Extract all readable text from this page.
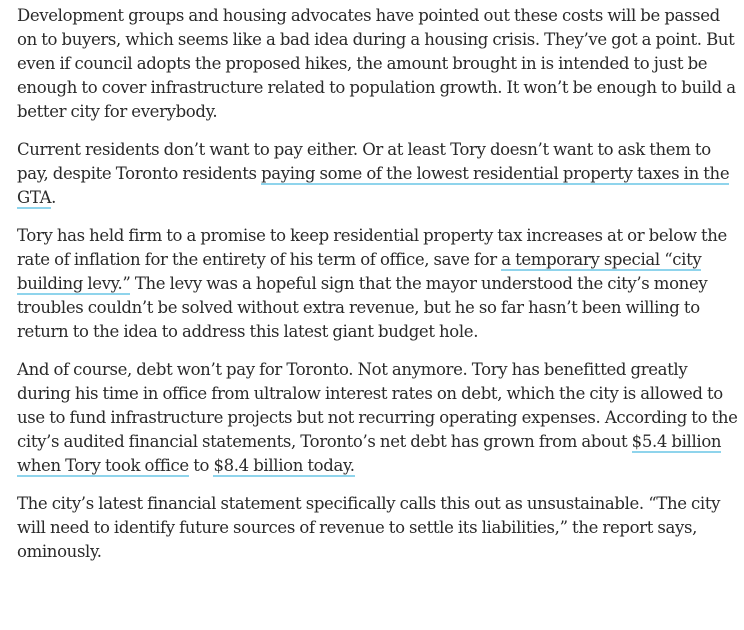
Development groups and housing advocates have pointed out these costs will be passed on to buyers, which seems like a bad idea during a housing crisis. They’ve got a point. But even if council adopts the proposed hikes, the amount brought in is intended to just be enough to cover infrastructure related to population growth. It won’t be enough to build a better city for everybody.

Current residents don’t want to pay either. Or at least Tory doesn’t want to ask them to pay, despite Toronto residents paying some of the lowest residential property taxes in the GTA.

Tory has held firm to a promise to keep residential property tax increases at or below the rate of inflation for the entirety of his term of office, save for a temporary special “city building levy.” The levy was a hopeful sign that the mayor understood the city’s money troubles couldn’t be solved without extra revenue, but he so far hasn’t been willing to return to the idea to address this latest giant budget hole.

And of course, debt won’t pay for Toronto. Not anymore. Tory has benefitted greatly during his time in office from ultralow interest rates on debt, which the city is allowed to use to fund infrastructure projects but not recurring operating expenses. According to the city’s audited financial statements, Toronto’s net debt has grown from about $5.4 billion when Tory took office to $8.4 billion today.

The city’s latest financial statement specifically calls this out as unsustainable. “The city will need to identify future sources of revenue to settle its liabilities,” the report says, ominously.
